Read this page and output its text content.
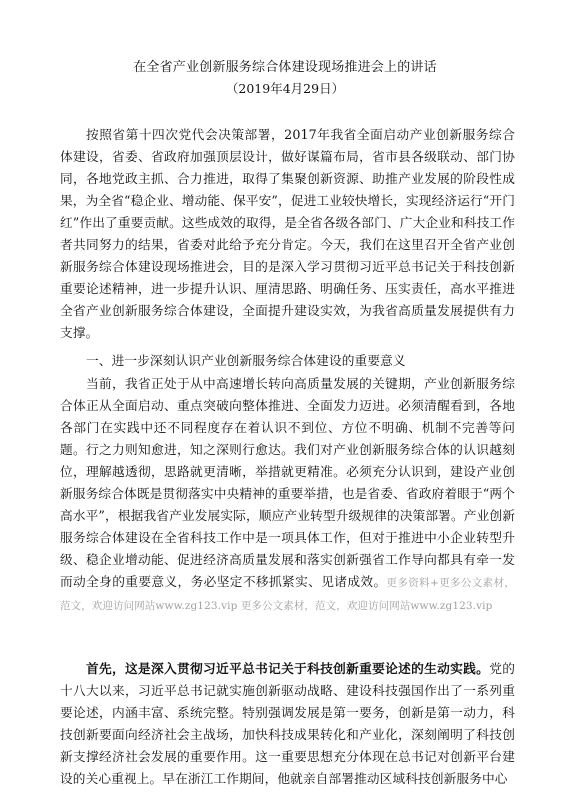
在全省产业创新服务综合体建设现场推进会上的讲话
（2019年4月29日）

按照省第十四次党代会决策部署，2017年我省全面启动产业创新服务综合体建设，省委、省政府加强顶层设计，做好谋篇布局，省市县各级联动、部门协同，各地党政主抓、合力推进，取得了集聚创新资源、助推产业发展的阶段性成果，为全省“稳企业、增动能、保平安”，促进工业较快增长，实现经济运行“开门红”作出了重要贡献。这些成效的取得，是全省各级各部门、广大企业和科技工作者共同努力的结果，省委对此给予充分肯定。今天，我们在这里召开全省产业创新服务综合体建设现场推进会，目的是深入学习贯彻习近平总书记关于科技创新重要论述精神，进一步提升认识、厘清思路、明确任务、压实责任，高水平推进全省产业创新服务综合体建设，全面提升建设实效，为我省高质量发展提供有力支撑。

一、进一步深刻认识产业创新服务综合体建设的重要意义

当前，我省正处于从中高速增长转向高质量发展的关键期，产业创新服务综合体正从全面启动、重点突破向整体推进、全面发力迈进。必须清醒看到，各地各部门在实践中还不同程度存在着认识不到位、方位不明确、机制不完善等问题。行之力则知愈进，知之深则行愈达。我们对产业创新服务综合体的认识越刻位，理解越透彻，思路就更清晰，举措就更精准。必须充分认识到，建设产业创新服务综合体既是贯彻落实中央精神的重要举措，也是省委、省政府着眼于“两个高水平”，根据我省产业发展实际，顺应产业转型升级规律的决策部署。产业创新服务综合体建设在全省科技工作中是一项具体工作，但对于推进中小企业转型升级、稳企业增动能、促进经济高质量发展和落实创新强省工作导向都具有牵一发而动全身的重要意义，务必坚定不移抓紧实、见诸成效。更多资料+更多公文素材，范文，欢迎访问网站www.zg123.vip 更多公文素材，范文，欢迎访问网站www.zg123.vip

首先，这是深入贯彻习近平总书记关于科技创新重要论述的生动实践。党的十八大以来，习近平总书记就实施创新驱动战略、建设科技强国作出了一系列重要论述，内涵丰富、系统完整。特别强调发展是第一要务，创新是第一动力，科技创新要面向经济社会主战场，加快科技成果转化和产业化，深刻阐明了科技创新支撑经济社会发展的重要作用。这一重要思想充分体现在总书记对创新平台建设的关心重视上。早在浙江工作期间，他就亲自部署推动区域科技创新服务中心
